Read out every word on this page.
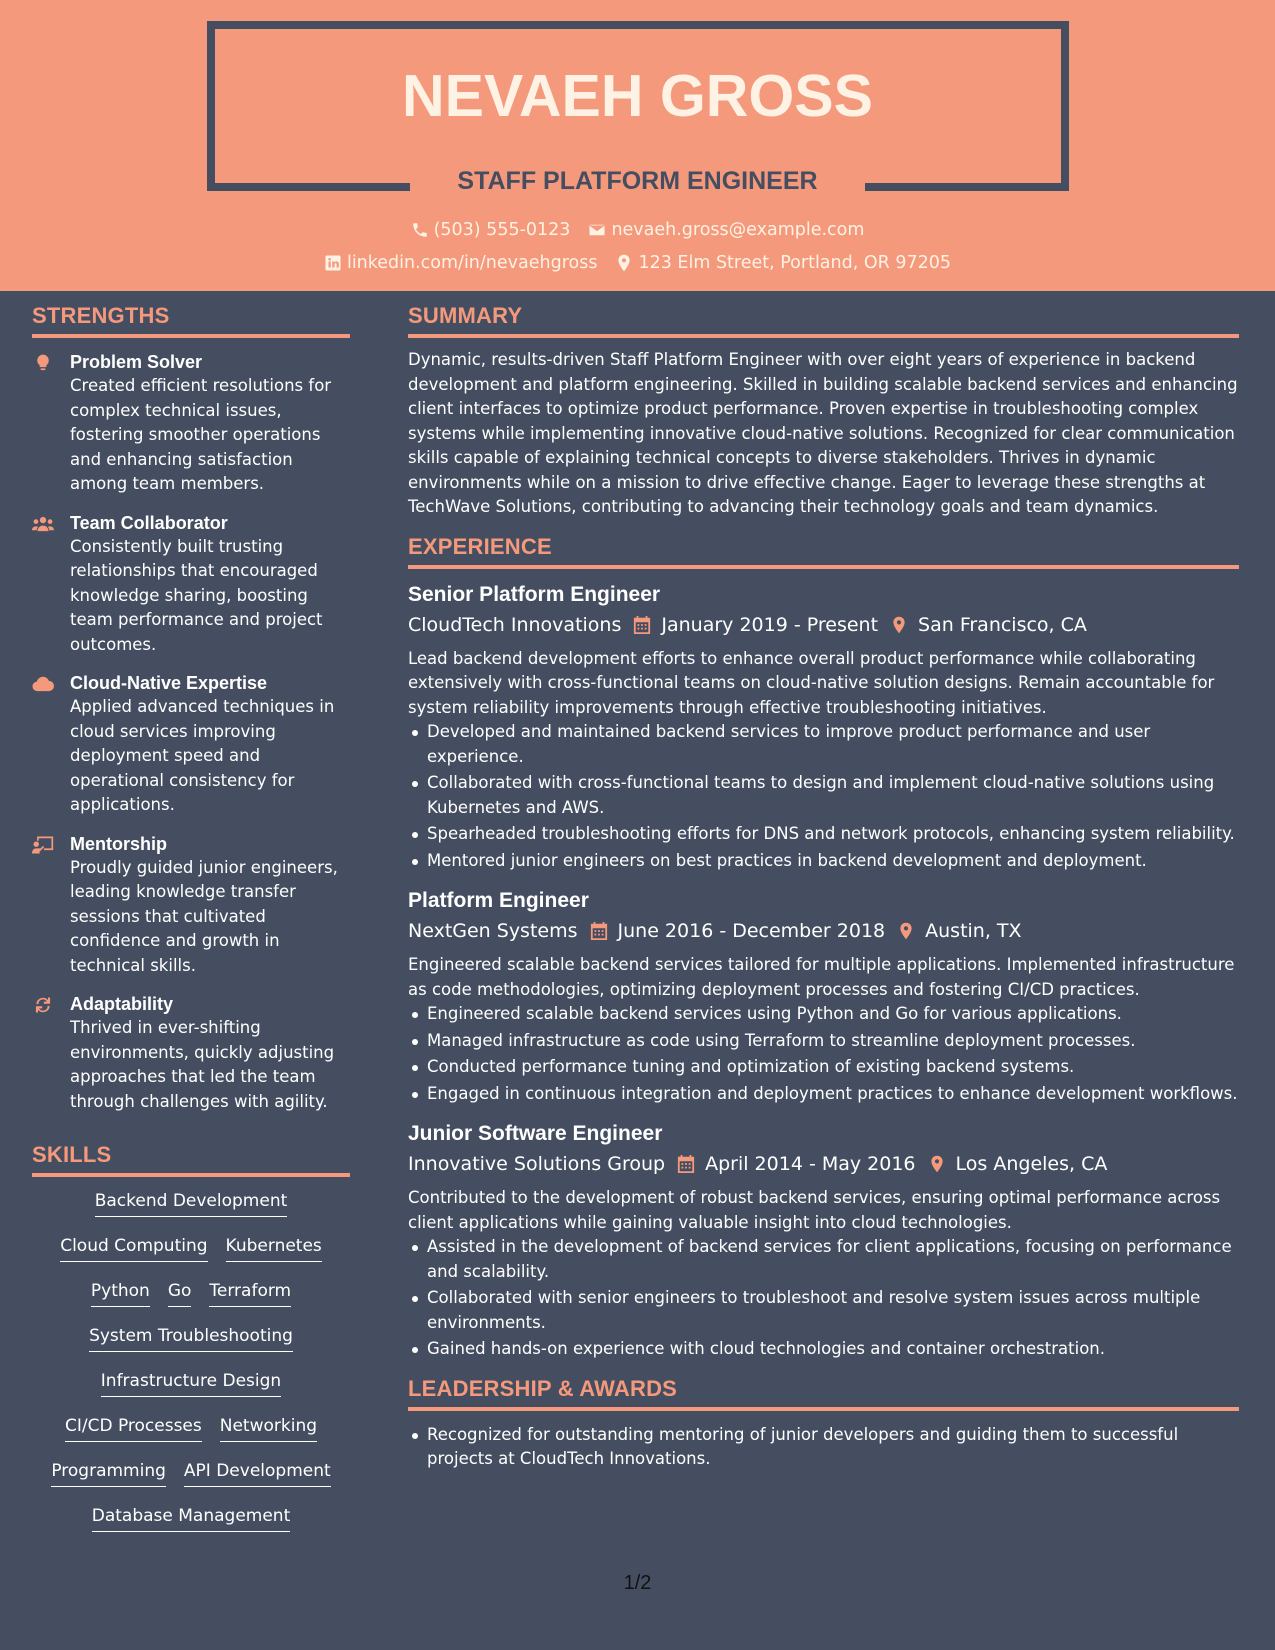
NEVAEH GROSS
STAFF PLATFORM ENGINEER
(503) 555-0123 nevaeh.gross@example.com
linkedin.com/in/nevaehgross 123 Elm Street, Portland, OR 97205
STRENGTHS
Problem Solver
Created efficient resolutions for complex technical issues, fostering smoother operations and enhancing satisfaction among team members.
Team Collaborator
Consistently built trusting relationships that encouraged knowledge sharing, boosting team performance and project outcomes.
Cloud-Native Expertise
Applied advanced techniques in cloud services improving deployment speed and operational consistency for applications.
Mentorship
Proudly guided junior engineers, leading knowledge transfer sessions that cultivated confidence and growth in technical skills.
Adaptability
Thrived in ever-shifting environments, quickly adjusting approaches that led the team through challenges with agility.
SKILLS
Backend Development
Cloud Computing Kubernetes
Python Go Terraform
System Troubleshooting
Infrastructure Design
CI/CD Processes Networking
Programming API Development
Database Management
SUMMARY
Dynamic, results-driven Staff Platform Engineer with over eight years of experience in backend development and platform engineering. Skilled in building scalable backend services and enhancing client interfaces to optimize product performance. Proven expertise in troubleshooting complex systems while implementing innovative cloud-native solutions. Recognized for clear communication skills capable of explaining technical concepts to diverse stakeholders. Thrives in dynamic environments while on a mission to drive effective change. Eager to leverage these strengths at TechWave Solutions, contributing to advancing their technology goals and team dynamics.
EXPERIENCE
Senior Platform Engineer
CloudTech Innovations January 2019 - Present San Francisco, CA
Lead backend development efforts to enhance overall product performance while collaborating extensively with cross-functional teams on cloud-native solution designs. Remain accountable for system reliability improvements through effective troubleshooting initiatives.
Developed and maintained backend services to improve product performance and user experience.
Collaborated with cross-functional teams to design and implement cloud-native solutions using Kubernetes and AWS.
Spearheaded troubleshooting efforts for DNS and network protocols, enhancing system reliability.
Mentored junior engineers on best practices in backend development and deployment.
Platform Engineer
NextGen Systems June 2016 - December 2018 Austin, TX
Engineered scalable backend services tailored for multiple applications. Implemented infrastructure as code methodologies, optimizing deployment processes and fostering CI/CD practices.
Engineered scalable backend services using Python and Go for various applications.
Managed infrastructure as code using Terraform to streamline deployment processes.
Conducted performance tuning and optimization of existing backend systems.
Engaged in continuous integration and deployment practices to enhance development workflows.
Junior Software Engineer
Innovative Solutions Group April 2014 - May 2016 Los Angeles, CA
Contributed to the development of robust backend services, ensuring optimal performance across client applications while gaining valuable insight into cloud technologies.
Assisted in the development of backend services for client applications, focusing on performance and scalability.
Collaborated with senior engineers to troubleshoot and resolve system issues across multiple environments.
Gained hands-on experience with cloud technologies and container orchestration.
LEADERSHIP & AWARDS
Recognized for outstanding mentoring of junior developers and guiding them to successful projects at CloudTech Innovations.
1/2
